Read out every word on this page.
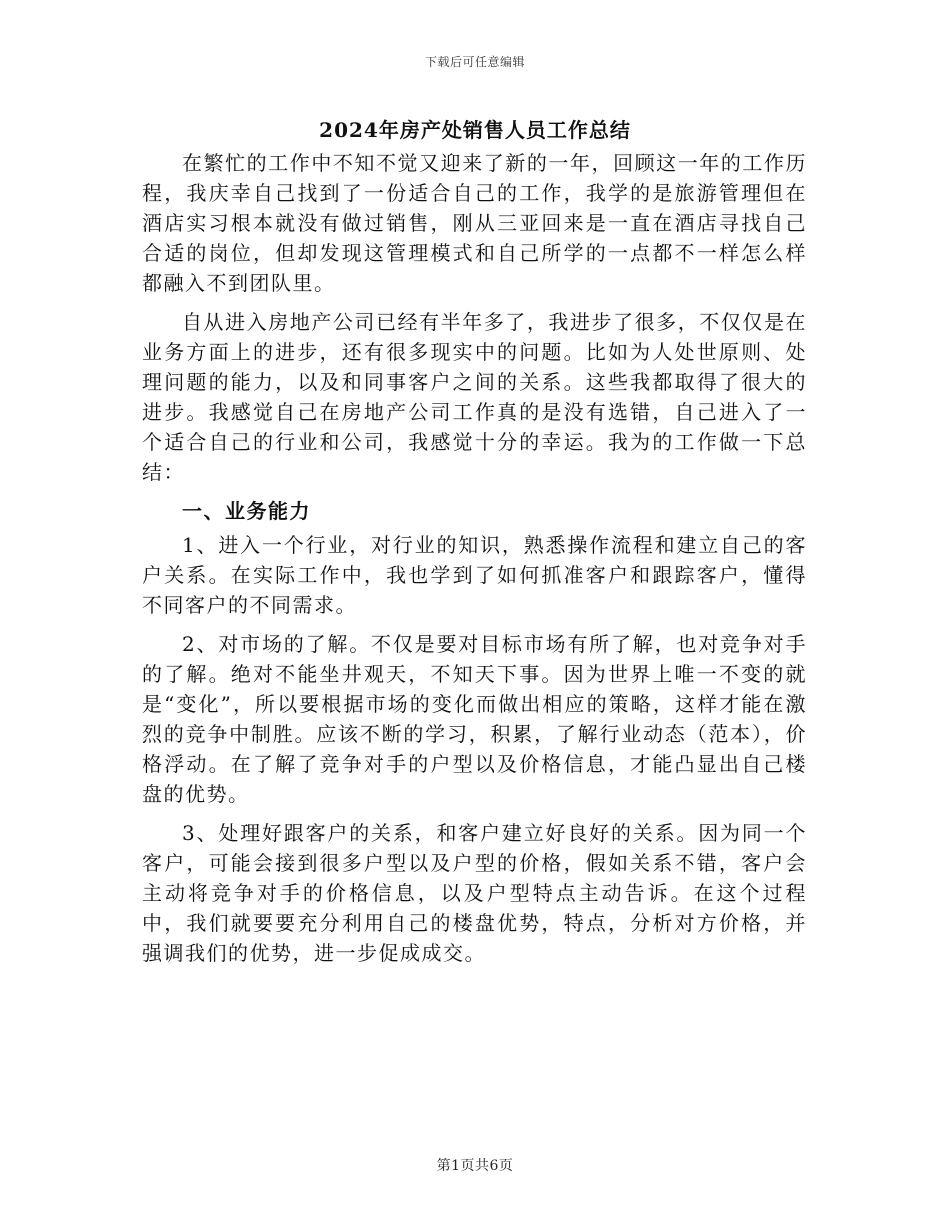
下载后可任意编辑
2024年房产处销售人员工作总结

在繁忙的工作中不知不觉又迎来了新的一年，回顾这一年的工作历程，我庆幸自己找到了一份适合自己的工作，我学的是旅游管理但在酒店实习根本就没有做过销售，刚从三亚回来是一直在酒店寻找自己合适的岗位，但却发现这管理模式和自己所学的一点都不一样怎么样都融入不到团队里。

自从进入房地产公司已经有半年多了，我进步了很多，不仅仅是在业务方面上的进步，还有很多现实中的问题。比如为人处世原则、处理问题的能力，以及和同事客户之间的关系。这些我都取得了很大的进步。我感觉自己在房地产公司工作真的是没有选错，自己进入了一个适合自己的行业和公司，我感觉十分的幸运。我为的工作做一下总结：

一、业务能力

1、进入一个行业，对行业的知识，熟悉操作流程和建立自己的客户关系。在实际工作中，我也学到了如何抓准客户和跟踪客户，懂得不同客户的不同需求。

2、对市场的了解。不仅是要对目标市场有所了解，也对竞争对手的了解。绝对不能坐井观天，不知天下事。因为世界上唯一不变的就是“变化”，所以要根据市场的变化而做出相应的策略，这样才能在激烈的竞争中制胜。应该不断的学习，积累，了解行业动态（范本），价格浮动。在了解了竞争对手的户型以及价格信息，才能凸显出自己楼盘的优势。

3、处理好跟客户的关系，和客户建立好良好的关系。因为同一个客户，可能会接到很多户型以及户型的价格，假如关系不错，客户会主动将竞争对手的价格信息，以及户型特点主动告诉。在这个过程中，我们就要要充分利用自己的楼盘优势，特点，分析对方价格，并强调我们的优势，进一步促成成交。

第1页共6页
